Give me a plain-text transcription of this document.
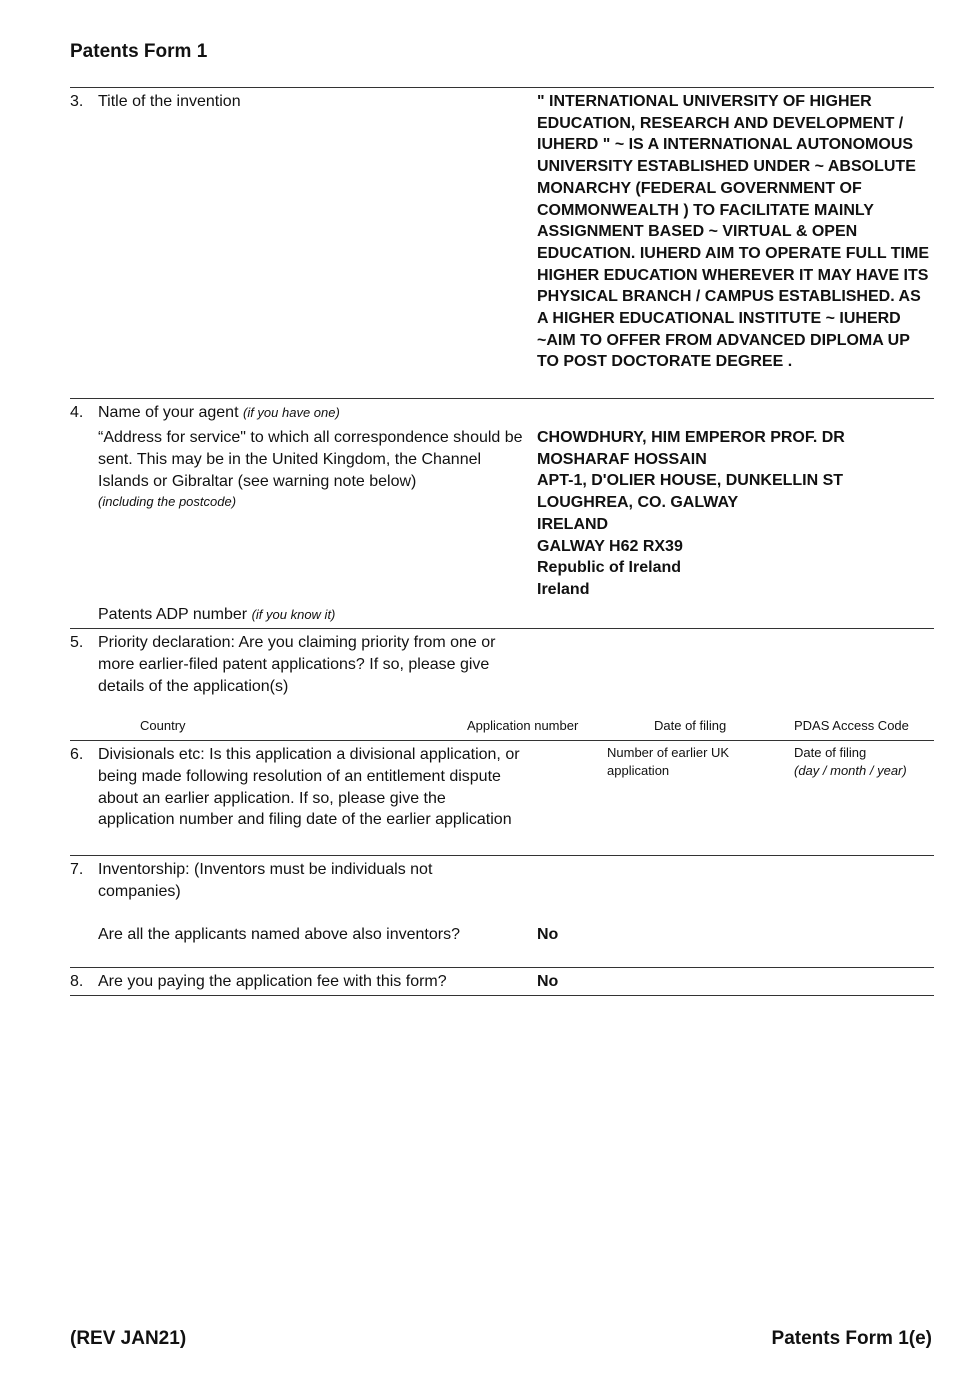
Patents Form 1
3. Title of the invention	" INTERNATIONAL UNIVERSITY OF HIGHER EDUCATION, RESEARCH AND DEVELOPMENT / IUHERD " ~ IS A INTERNATIONAL AUTONOMOUS UNIVERSITY ESTABLISHED UNDER ~ ABSOLUTE MONARCHY (FEDERAL GOVERNMENT OF COMMONWEALTH ) TO FACILITATE MAINLY ASSIGNMENT BASED ~ VIRTUAL & OPEN EDUCATION. IUHERD AIM TO OPERATE FULL TIME HIGHER EDUCATION WHEREVER IT MAY HAVE ITS PHYSICAL BRANCH / CAMPUS ESTABLISHED. AS A HIGHER EDUCATIONAL INSTITUTE ~ IUHERD ~AIM TO OFFER FROM ADVANCED DIPLOMA UP TO POST DOCTORATE DEGREE .
4. Name of your agent (if you have one)
“Address for service" to which all correspondence should be sent. This may be in the United Kingdom, the Channel Islands or Gibraltar (see warning note below)
(including the postcode)
CHOWDHURY, HIM EMPEROR PROF. DR MOSHARAF HOSSAIN
APT-1, D'OLIER HOUSE, DUNKELLIN ST
LOUGHREA, CO. GALWAY
IRELAND
GALWAY H62 RX39
Republic of Ireland
Ireland
Patents ADP number (if you know it)
5. Priority declaration: Are you claiming priority from one or more earlier-filed patent applications? If so, please give details of the application(s)
Country	Application number	Date of filing	PDAS Access Code
6. Divisionals etc: Is this application a divisional application, or being made following resolution of an entitlement dispute about an earlier application. If so, please give the application number and filing date of the earlier application
Number of earlier UK application
Date of filing
(day / month / year)
7. Inventorship: (Inventors must be individuals not companies)
Are all the applicants named above also inventors?	No
8. Are you paying the application fee with this form?	No
(REV JAN21)	Patents Form 1(e)
